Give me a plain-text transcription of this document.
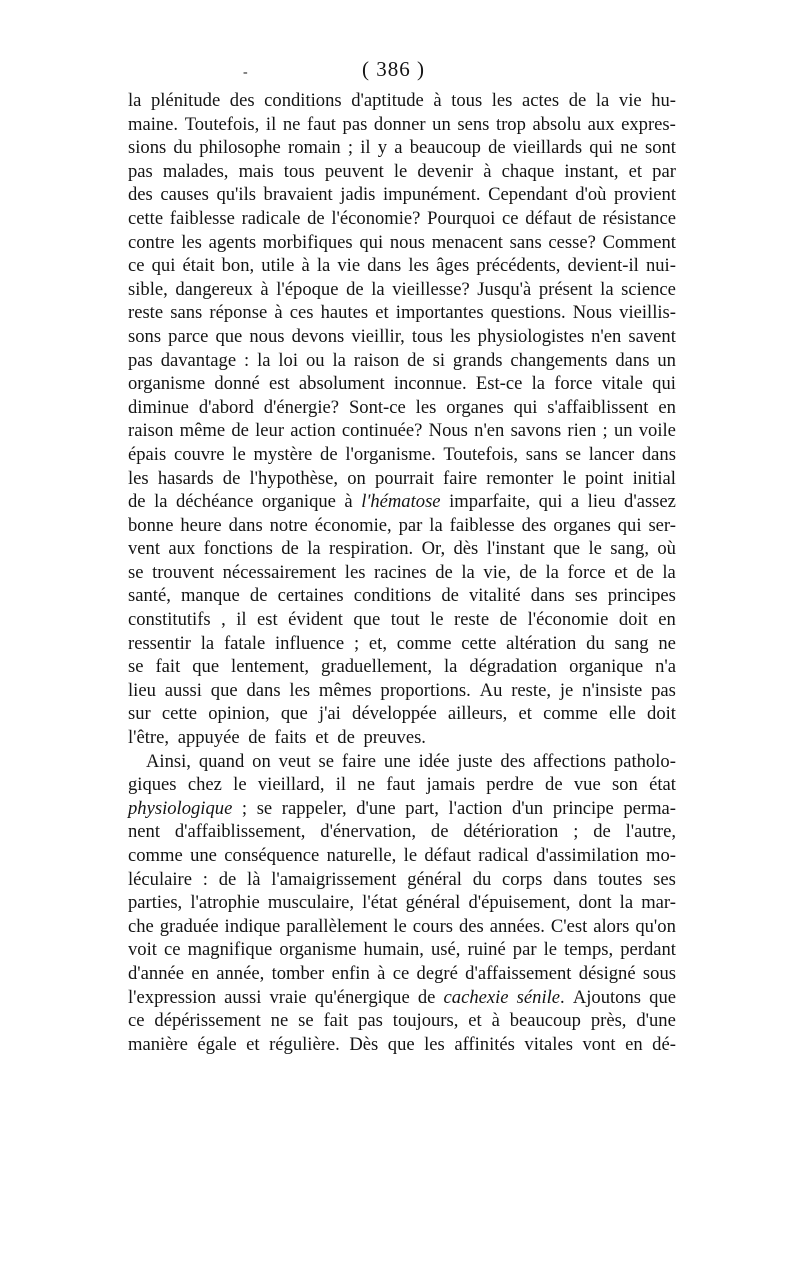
-	( 386 )
la plénitude des conditions d'aptitude à tous les actes de la vie hu-
maine. Toutefois, il ne faut pas donner un sens trop absolu aux expres-
sions du philosophe romain ; il y a beaucoup de vieillards qui ne sont
pas malades, mais tous peuvent le devenir à chaque instant, et par
des causes qu'ils bravaient jadis impunément. Cependant d'où provient
cette faiblesse radicale de l'économie? Pourquoi ce défaut de résistance
contre les agents morbifiques qui nous menacent sans cesse? Comment
ce qui était bon, utile à la vie dans les âges précédents, devient-il nui-
sible, dangereux à l'époque de la vieillesse? Jusqu'à présent la science
reste sans réponse à ces hautes et importantes questions. Nous vieillis-
sons parce que nous devons vieillir, tous les physiologistes n'en savent
pas davantage : la loi ou la raison de si grands changements dans un
organisme donné est absolument inconnue. Est-ce la force vitale qui
diminue d'abord d'énergie? Sont-ce les organes qui s'affaiblissent en
raison même de leur action continuée? Nous n'en savons rien ; un voile
épais couvre le mystère de l'organisme. Toutefois, sans se lancer dans
les hasards de l'hypothèse, on pourrait faire remonter le point initial
de la déchéance organique à l'hématose imparfaite, qui a lieu d'assez
bonne heure dans notre économie, par la faiblesse des organes qui ser-
vent aux fonctions de la respiration. Or, dès l'instant que le sang, où
se trouvent nécessairement les racines de la vie, de la force et de la
santé, manque de certaines conditions de vitalité dans ses principes
constitutifs , il est évident que tout le reste de l'économie doit en
ressentir la fatale influence ; et, comme cette altération du sang ne
se fait que lentement, graduellement, la dégradation organique n'a
lieu aussi que dans les mêmes proportions. Au reste, je n'insiste pas
sur cette opinion, que j'ai développée ailleurs, et comme elle doit
l'être,
appuyée
de
faits
et
de
preuves.
Ainsi, quand on veut se faire une idée juste des affections patholo-
giques chez le vieillard, il ne faut jamais perdre de vue son état
physiologique ; se rappeler, d'une part, l'action d'un principe perma-
nent d'affaiblissement, d'énervation, de détérioration ; de l'autre,
comme une conséquence naturelle, le défaut radical d'assimilation mo-
léculaire : de là l'amaigrissement général du corps dans toutes ses
parties, l'atrophie musculaire, l'état général d'épuisement, dont la mar-
che graduée indique parallèlement le cours des années. C'est alors qu'on
voit ce magnifique organisme humain, usé, ruiné par le temps, perdant
d'année en année, tomber enfin à ce degré d'affaissement désigné sous
l'expression aussi vraie qu'énergique de cachexie sénile. Ajoutons que
ce dépérissement ne se fait pas toujours, et à beaucoup près, d'une
manière égale et régulière. Dès que les affinités vitales vont en dé-
